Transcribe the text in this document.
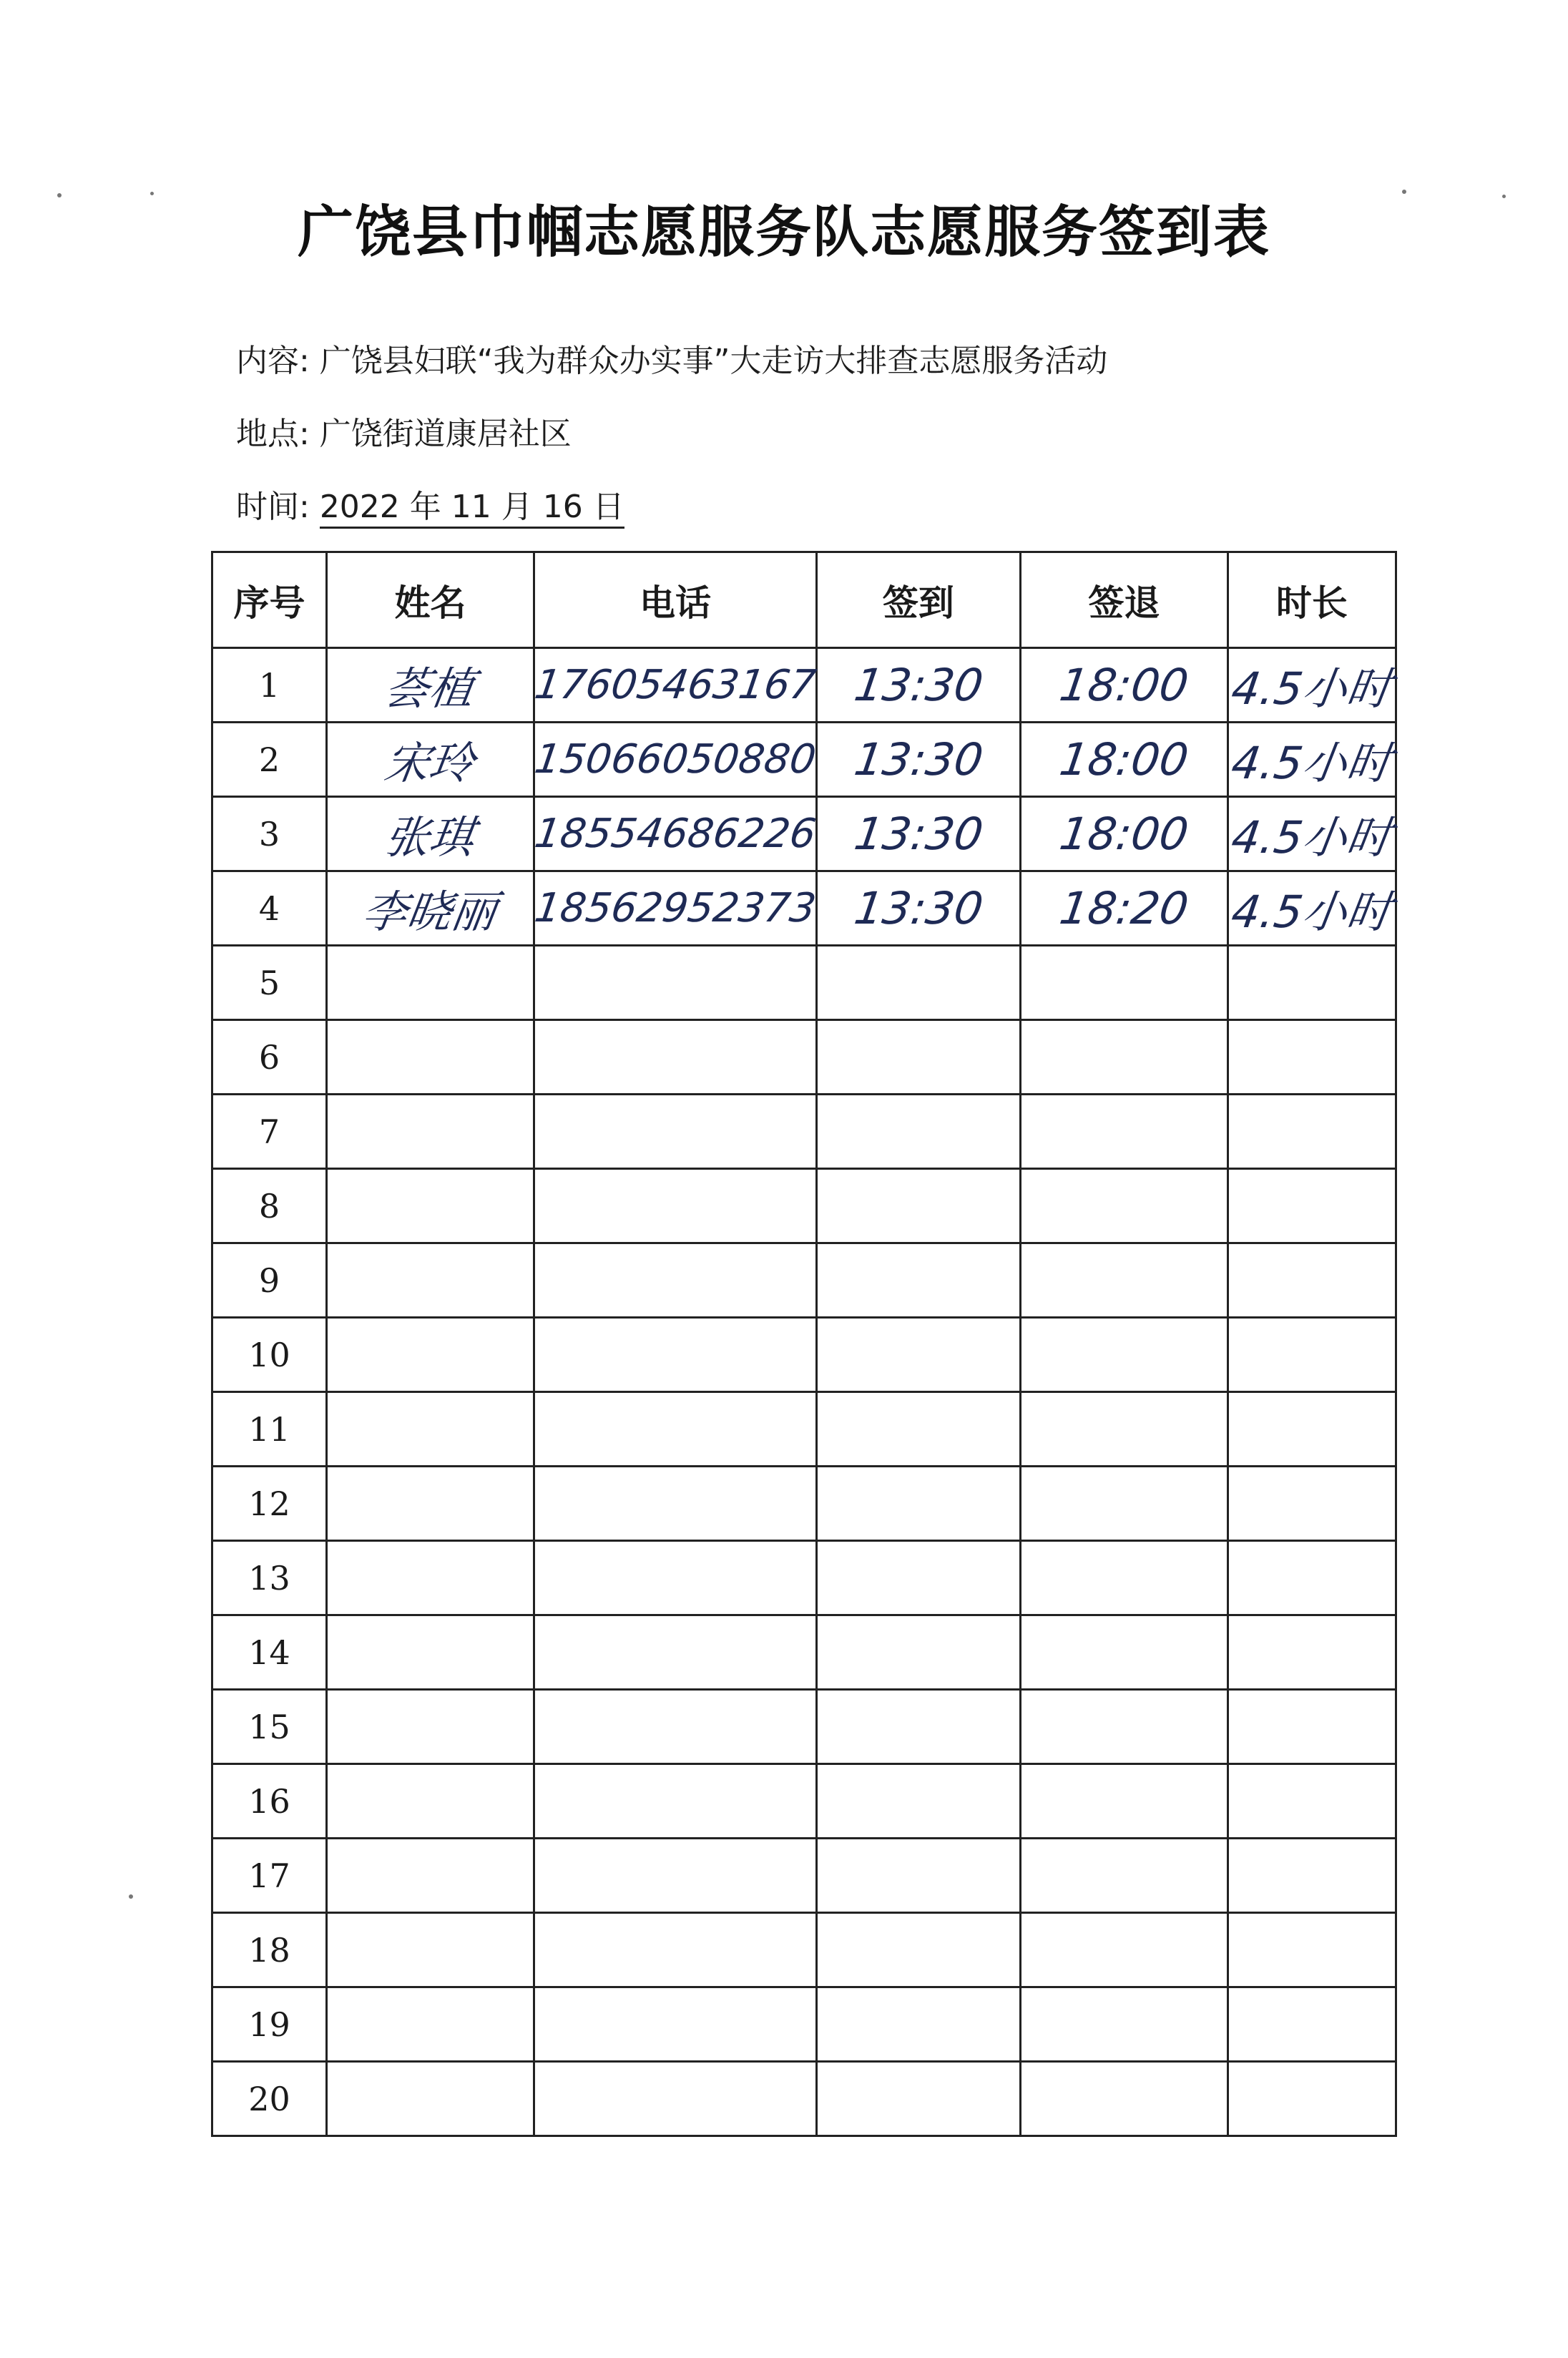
广饶县巾帼志愿服务队志愿服务签到表
内容: 广饶县妇联“我为群众办实事”大走访大排查志愿服务活动
地点: 广饶街道康居社区
时间: 2022 年 11 月 16 日
序号	姓名	电话	签到	签退	时长
1	荟植	17605463167	13:30	18:00	4.5小时
2	宋玲	15066050880	13:30	18:00	4.5小时
3	张琪	18554686226	13:30	18:00	4.5小时
4	李晓丽	18562952373	13:30	18:20	4.5小时
5					
6					
7					
8					
9					
10					
11					
12					
13					
14					
15					
16					
17					
18					
19					
20					
